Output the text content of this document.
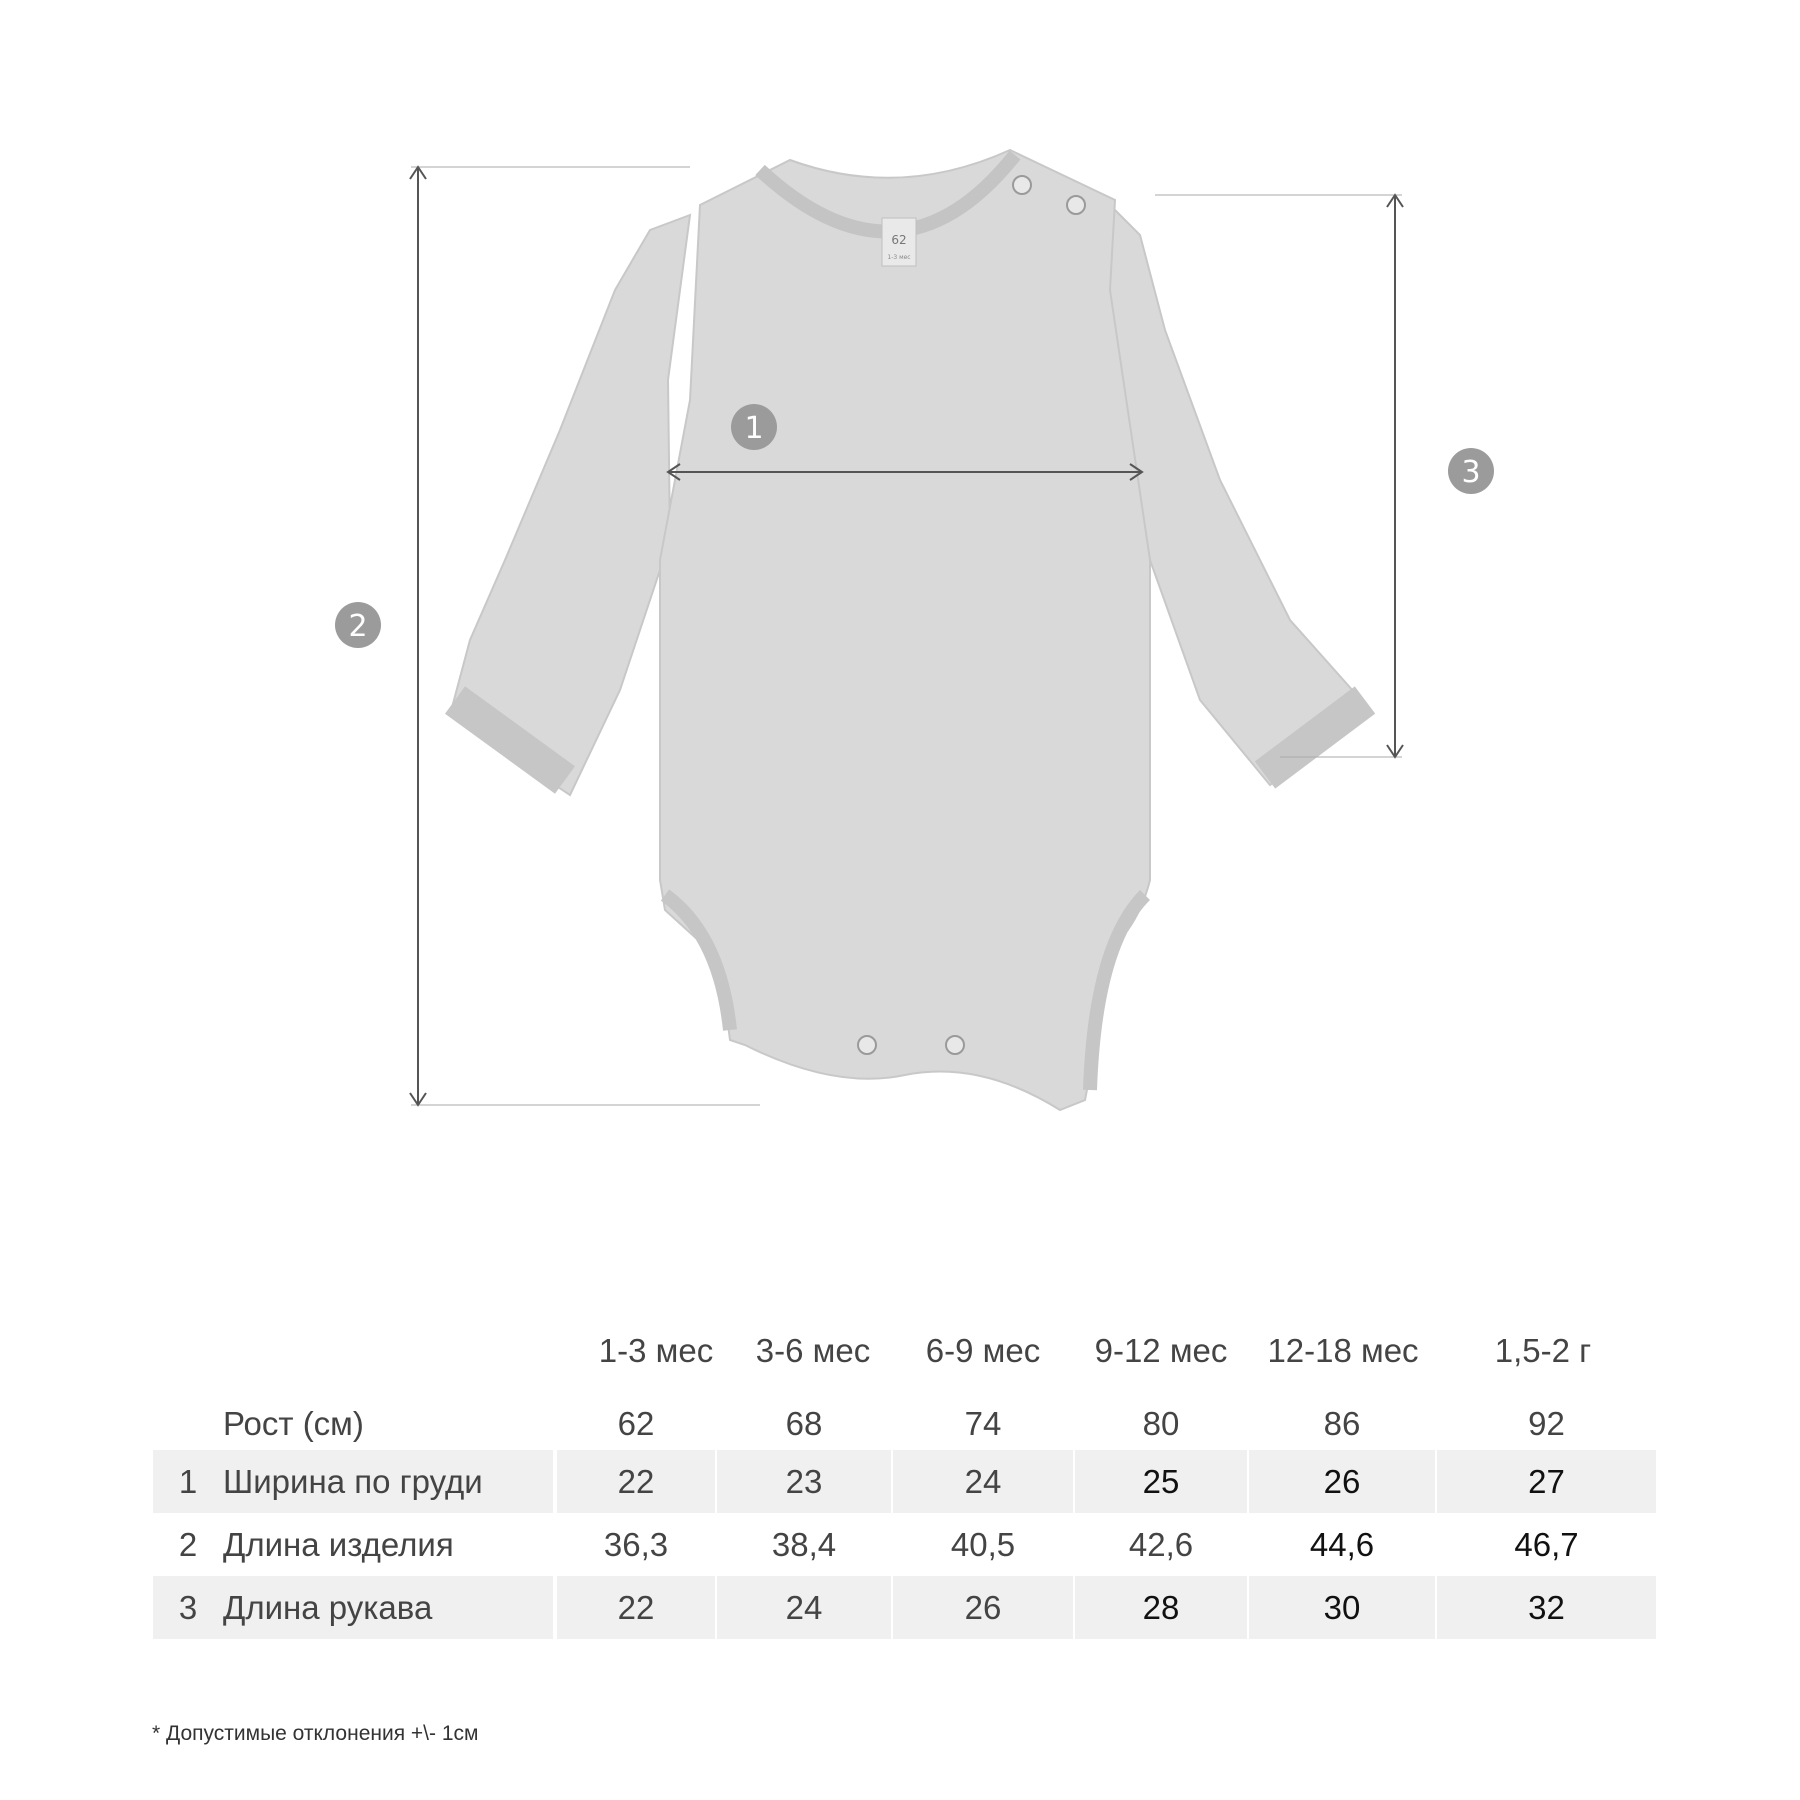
62
1-3 мес
1
2
3
1-3 мес	3-6 мес	6-9 мес	9-12 мес	12-18 мес	1,5-2 г
Рост (см)	62	68	74	80	86	92
1 Ширина по груди	22	23	24	25	26	27
2 Длина изделия	36,3	38,4	40,5	42,6	44,6	46,7
3 Длина рукава	22	24	26	28	30	32
* Допустимые отклонения +\- 1см
